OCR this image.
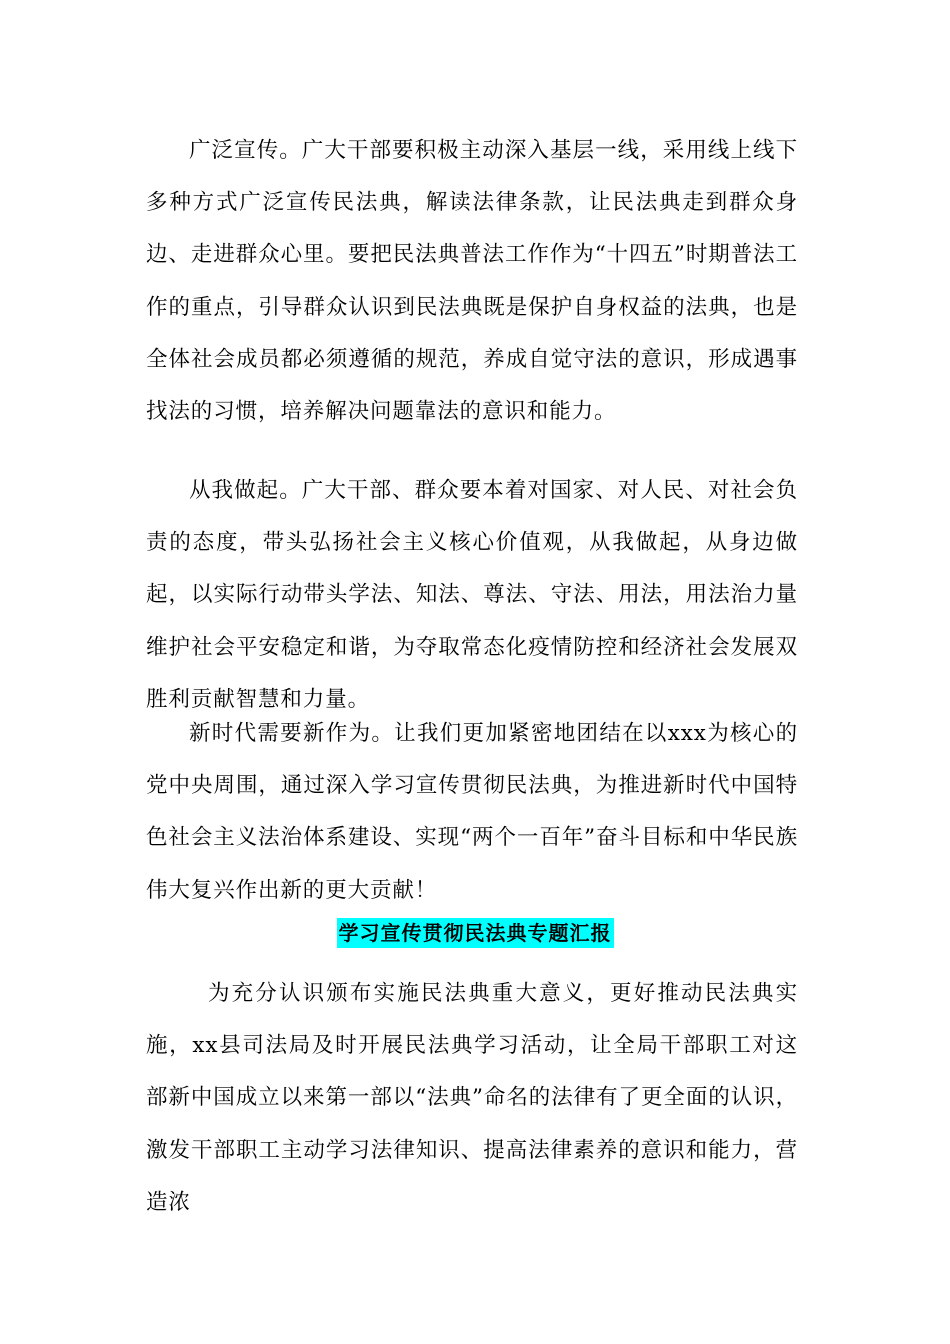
广泛宣传。广大干部要积极主动深入基层一线，采用线上线下多种方式广泛宣传民法典，解读法律条款，让民法典走到群众身边、走进群众心里。要把民法典普法工作作为“十四五”时期普法工作的重点，引导群众认识到民法典既是保护自身权益的法典，也是全体社会成员都必须遵循的规范，养成自觉守法的意识，形成遇事找法的习惯，培养解决问题靠法的意识和能力。

从我做起。广大干部、群众要本着对国家、对人民、对社会负责的态度，带头弘扬社会主义核心价值观，从我做起，从身边做起，以实际行动带头学法、知法、尊法、守法、用法，用法治力量维护社会平安稳定和谐，为夺取常态化疫情防控和经济社会发展双胜利贡献智慧和力量。

新时代需要新作为。让我们更加紧密地团结在以xxx为核心的党中央周围，通过深入学习宣传贯彻民法典，为推进新时代中国特色社会主义法治体系建设、实现“两个一百年”奋斗目标和中华民族伟大复兴作出新的更大贡献！

学习宣传贯彻民法典专题汇报

为充分认识颁布实施民法典重大意义，更好推动民法典实施，xx县司法局及时开展民法典学习活动，让全局干部职工对这部新中国成立以来第一部以“法典”命名的法律有了更全面的认识，激发干部职工主动学习法律知识、提高法律素养的意识和能力，营造浓
